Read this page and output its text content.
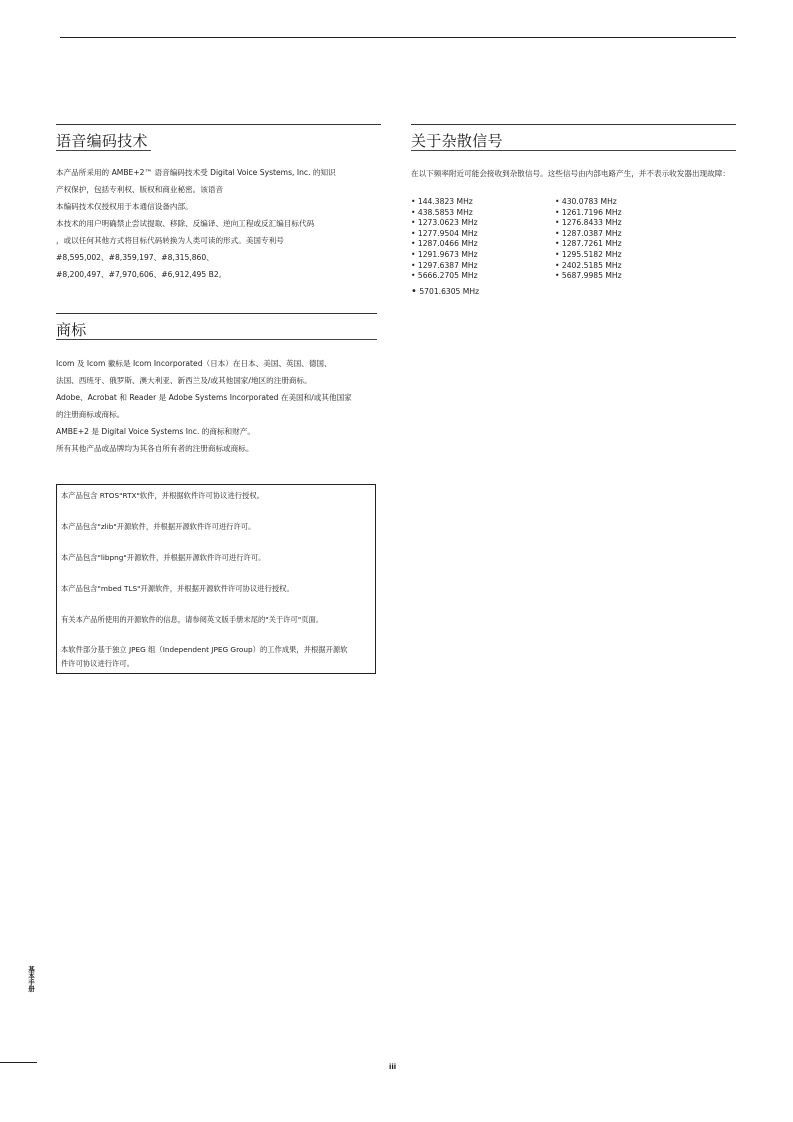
语音编码技术
本产品所采用的 AMBE+2™ 语音编码技术受 Digital Voice Systems, Inc. 的知识
产权保护，包括专利权、版权和商业秘密。该语音
本编码技术仅授权用于本通信设备内部。
本技术的用户明确禁止尝试提取、移除、反编译、逆向工程或反汇编目标代码
，或以任何其他方式将目标代码转换为人类可读的形式。美国专利号
#8,595,002、#8,359,197、#8,315,860、
#8,200,497、#7,970,606、#6,912,495 B2。
商标
Icom 及 Icom 徽标是 Icom Incorporated（日本）在日本、美国、英国、德国、
法国、西班牙、俄罗斯、澳大利亚、新西兰及/或其他国家/地区的注册商标。
Adobe、Acrobat 和 Reader 是 Adobe Systems Incorporated 在美国和/或其他国家
的注册商标或商标。
AMBE+2 是 Digital Voice Systems Inc. 的商标和财产。
所有其他产品或品牌均为其各自所有者的注册商标或商标。
本产品包含 RTOS"RTX"软件，并根据软件许可协议进行授权。
本产品包含"zlib"开源软件，并根据开源软件许可进行许可。
本产品包含"libpng"开源软件，并根据开源软件许可进行许可。
本产品包含"mbed TLS"开源软件，并根据开源软件许可协议进行授权。
有关本产品所使用的开源软件的信息，请参阅英文版手册末尾的"关于许可"页面。
本软件部分基于独立 JPEG 组（Independent JPEG Group）的工作成果，并根据开源软
件许可协议进行许可。
关于杂散信号
在以下频率附近可能会接收到杂散信号。这些信号由内部电路产生，并不表示收发器出现故障：
• 144.3823 MHz	• 430.0783 MHz
• 438.5853 MHz	• 1261.7196 MHz
• 1273.0623 MHz	• 1276.8433 MHz
• 1277.9504 MHz	• 1287.0387 MHz
• 1287.0466 MHz	• 1287.7261 MHz
• 1291.9673 MHz	• 1295.5182 MHz
• 1297.6387 MHz	• 2402.5185 MHz
• 5666.2705 MHz	• 5687.9985 MHz
• 5701.6305 MHz
基本手册
iii
